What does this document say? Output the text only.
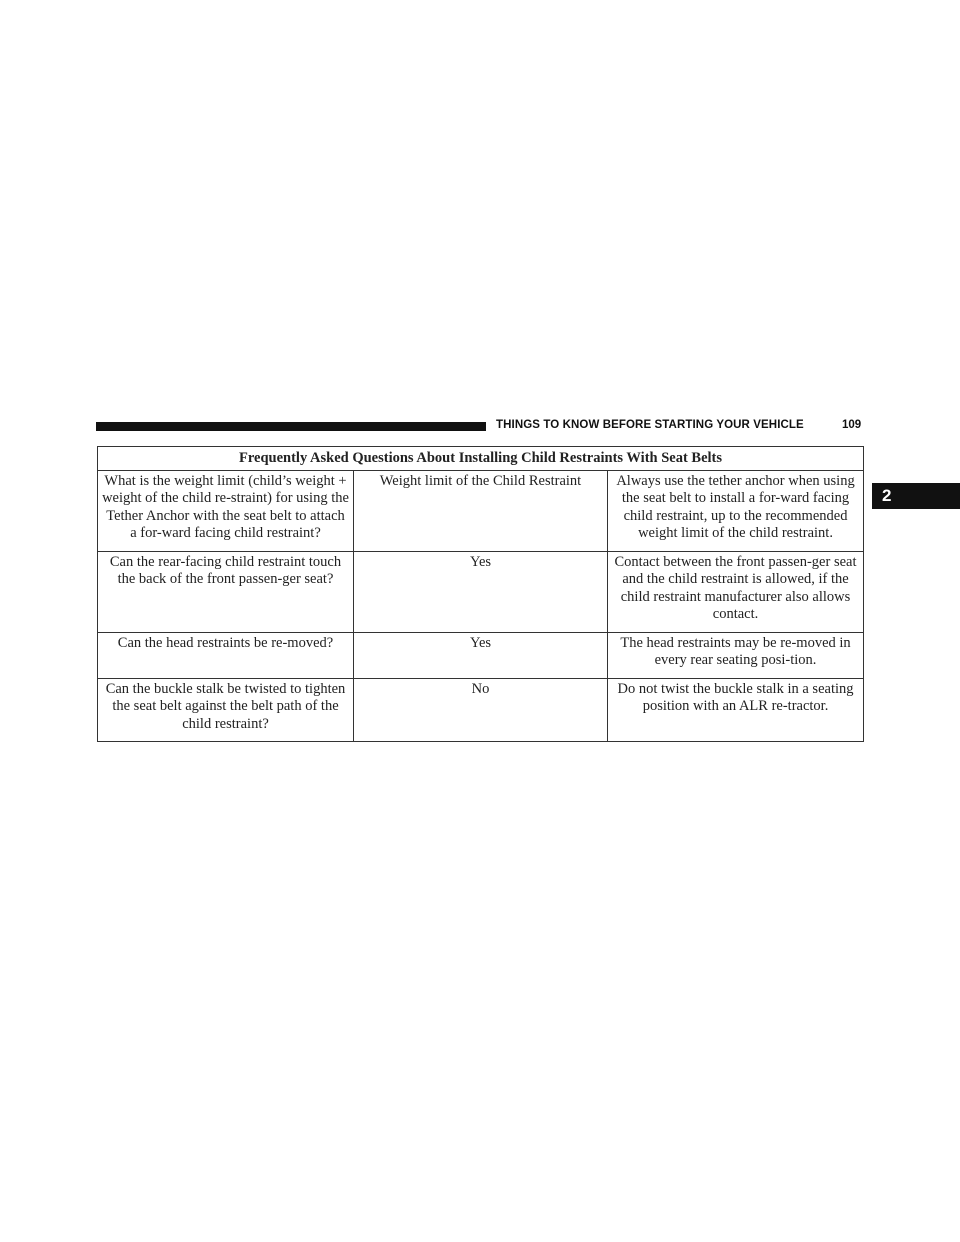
THINGS TO KNOW BEFORE STARTING YOUR VEHICLE	109
2
Frequently Asked Questions About Installing Child Restraints With Seat Belts		
What is the weight limit (child’s weight + weight of the child re-straint) for using the Tether Anchor with the seat belt to attach a for-ward facing child restraint?	Weight limit of the Child Restraint	Always use the tether anchor when using the seat belt to install a for-ward facing child restraint, up to the recommended weight limit of the child restraint.
Can the rear-facing child restraint touch the back of the front passen-ger seat?	Yes	Contact between the front passen-ger seat and the child restraint is allowed, if the child restraint manufacturer also allows contact.
Can the head restraints be re-moved?	Yes	The head restraints may be re-moved in every rear seating posi-tion.
Can the buckle stalk be twisted to tighten the seat belt against the belt path of the child restraint?	No	Do not twist the buckle stalk in a seating position with an ALR re-tractor.
